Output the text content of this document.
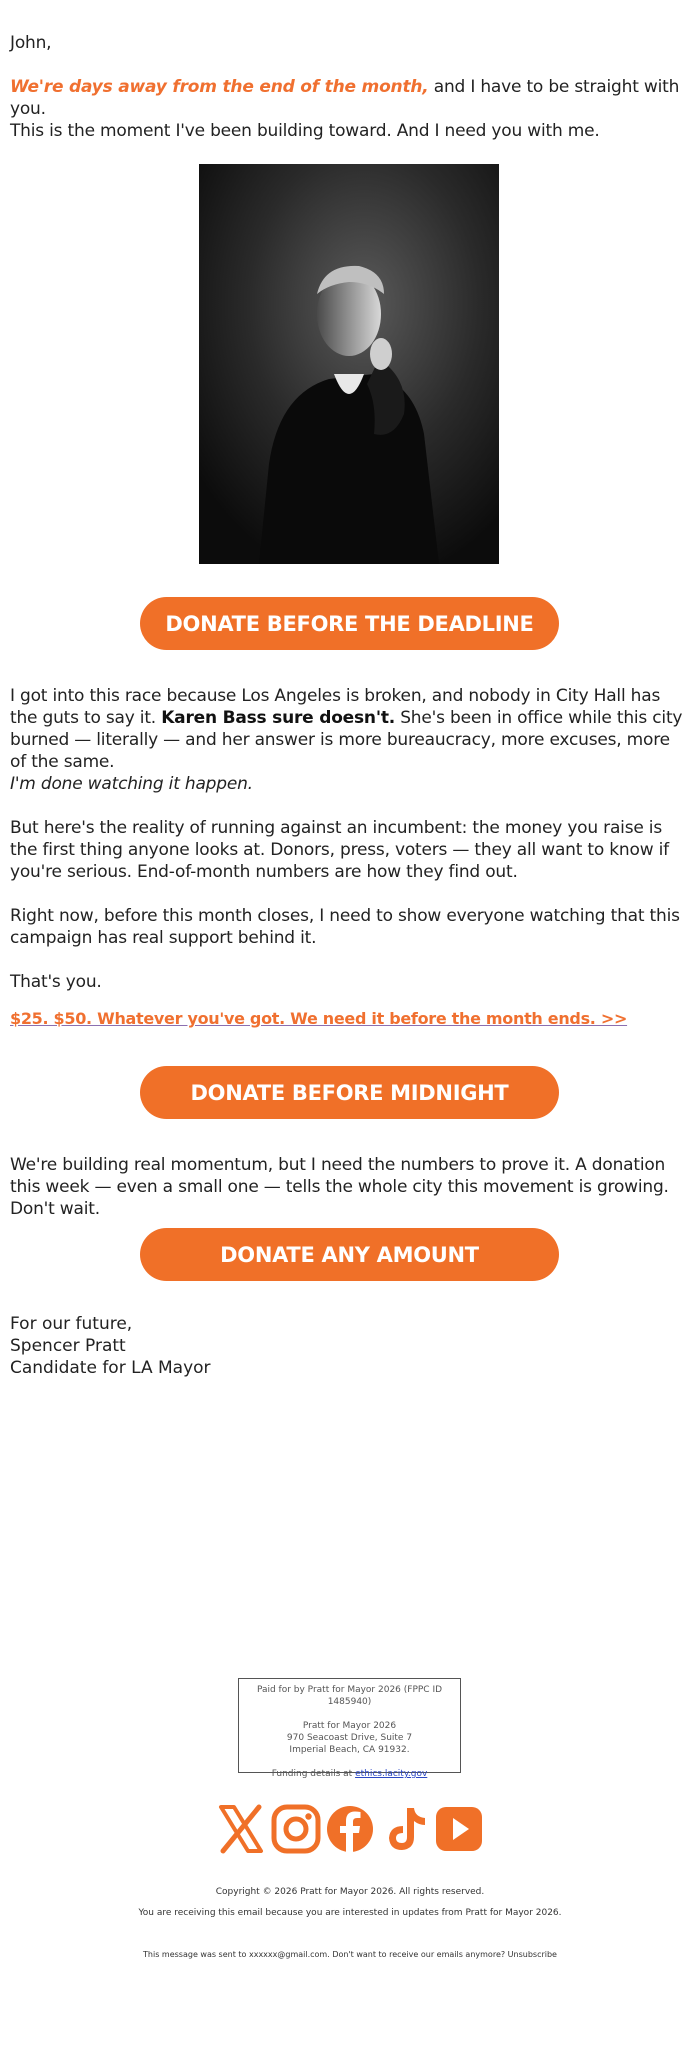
John,
We're days away from the end of the month, and I have to be straight with you.
This is the moment I've been building toward. And I need you with me.
DONATE BEFORE THE DEADLINE
I got into this race because Los Angeles is broken, and nobody in City Hall has the guts to say it. Karen Bass sure doesn't. She's been in office while this city burned — literally — and her answer is more bureaucracy, more excuses, more of the same.
I'm done watching it happen.
But here's the reality of running against an incumbent: the money you raise is the first thing anyone looks at. Donors, press, voters — they all want to know if you're serious. End-of-month numbers are how they find out.
Right now, before this month closes, I need to show everyone watching that this campaign has real support behind it.
That's you.
$25. $50. Whatever you've got. We need it before the month ends. >>
DONATE BEFORE MIDNIGHT
We're building real momentum, but I need the numbers to prove it. A donation this week — even a small one — tells the whole city this movement is growing. Don't wait.
DONATE ANY AMOUNT
For our future,
Spencer Pratt
Candidate for LA Mayor
Paid for by Pratt for Mayor 2026 (FPPC ID 1485940)
Pratt for Mayor 2026
970 Seacoast Drive, Suite 7
Imperial Beach, CA 91932.
Funding details at ethics.lacity.gov
Copyright © 2026 Pratt for Mayor 2026. All rights reserved.
You are receiving this email because you are interested in updates from Pratt for Mayor 2026.
This message was sent to xxxxxx@gmail.com. Don't want to receive our emails anymore? Unsubscribe
